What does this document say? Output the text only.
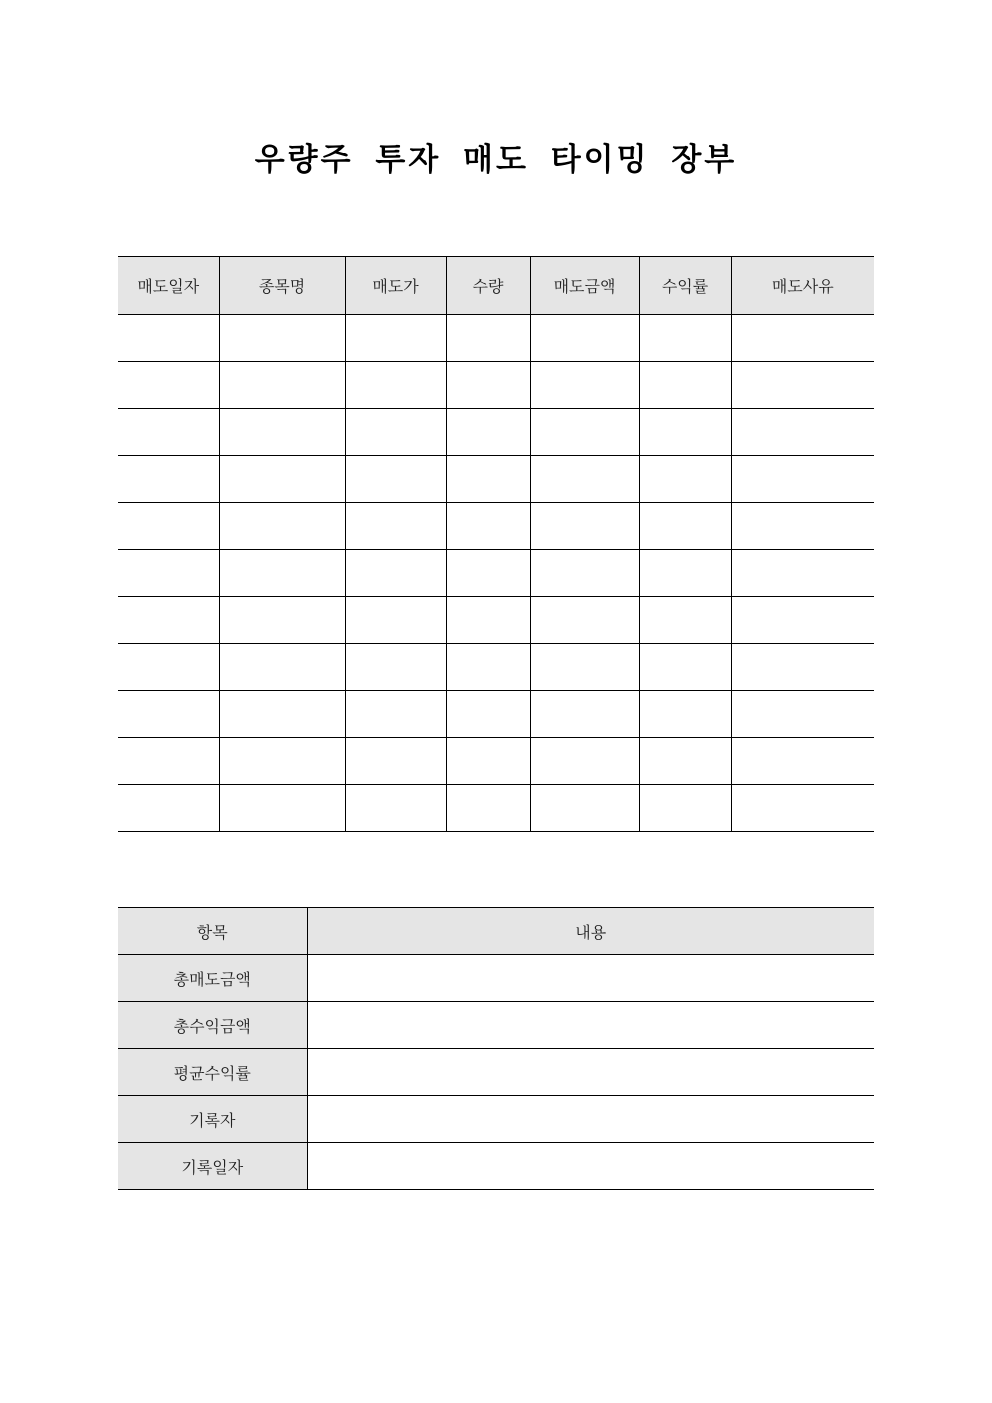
우량주 투자 매도 타이밍 장부
매도일자	종목명	매도가	수량	매도금액	수익률	매도사유

항목	내용
총매도금액	
총수익금액	
평균수익률	
기록자	
기록일자	
